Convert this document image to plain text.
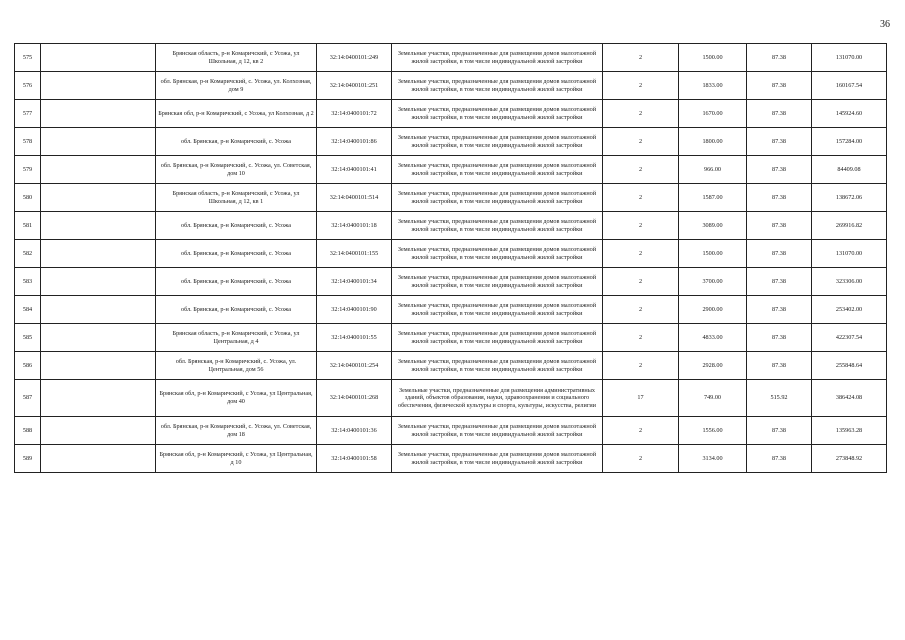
36
575		Брянская область, р-н Комаричский, с Усожа, ул Школьная, д 12, кв 2	32:14:0400101:249	Земельные участки, предназначенные для размещения домов малоэтажной жилой застройки, в том числе индивидуальной жилой застройки	2	1500.00	87.38	131070.00
576		обл. Брянская, р-н Комаричский, с. Усожа, ул. Колхозная, дом 9	32:14:0400101:251	Земельные участки, предназначенные для размещения домов малоэтажной жилой застройки, в том числе индивидуальной жилой застройки	2	1833.00	87.38	160167.54
577		Брянская обл, р-н Комаричский, с Усожа, ул Колхозная, д 2	32:14:0400101:72	Земельные участки, предназначенные для размещения домов малоэтажной жилой застройки, в том числе индивидуальной жилой застройки	2	1670.00	87.38	145924.60
578		обл. Брянская, р-н Комаричский, с. Усожа	32:14:0400101:86	Земельные участки, предназначенные для размещения домов малоэтажной жилой застройки, в том числе индивидуальной жилой застройки	2	1800.00	87.38	157284.00
579		обл. Брянская, р-н Комаричский, с. Усожа, ул. Советская, дом 10	32:14:0400101:41	Земельные участки, предназначенные для размещения домов малоэтажной жилой застройки, в том числе индивидуальной жилой застройки	2	966.00	87.38	84409.08
580		Брянская область, р-н Комаричский, с Усожа, ул Школьная, д 12, кв 1	32:14:0400101:514	Земельные участки, предназначенные для размещения домов малоэтажной жилой застройки, в том числе индивидуальной жилой застройки	2	1587.00	87.38	138672.06
581		обл. Брянская, р-н Комаричский, с. Усожа	32:14:0400101:18	Земельные участки, предназначенные для размещения домов малоэтажной жилой застройки, в том числе индивидуальной жилой застройки	2	3089.00	87.38	269916.82
582		обл. Брянская, р-н Комаричский, с. Усожа	32:14:0400101:155	Земельные участки, предназначенные для размещения домов малоэтажной жилой застройки, в том числе индивидуальной жилой застройки	2	1500.00	87.38	131070.00
583		обл. Брянская, р-н Комаричский, с. Усожа	32:14:0400101:34	Земельные участки, предназначенные для размещения домов малоэтажной жилой застройки, в том числе индивидуальной жилой застройки	2	3700.00	87.38	323306.00
584		обл. Брянская, р-н Комаричский, с. Усожа	32:14:0400101:90	Земельные участки, предназначенные для размещения домов малоэтажной жилой застройки, в том числе индивидуальной жилой застройки	2	2900.00	87.38	253402.00
585		Брянская область, р-н Комаричский, с Усожа, ул Центральная, д 4	32:14:0400101:55	Земельные участки, предназначенные для размещения домов малоэтажной жилой застройки, в том числе индивидуальной жилой застройки	2	4833.00	87.38	422307.54
586		обл. Брянская, р-н Комаричский, с. Усожа, ул. Центральная, дом 56	32:14:0400101:254	Земельные участки, предназначенные для размещения домов малоэтажной жилой застройки, в том числе индивидуальной жилой застройки	2	2928.00	87.38	255848.64
587		Брянская обл, р-н Комаричский, с Усожа, ул Центральная, дом 40	32:14:0400101:268	Земельные участки, предназначенные для размещения административных зданий, объектов образования, науки, здравоохранения и социального обеспечения, физической культуры и спорта, культуры, искусства, религии	17	749.00	515.92	386424.08
588		обл. Брянская, р-н Комаричский, с. Усожа, ул. Советская, дом 18	32:14:0400101:36	Земельные участки, предназначенные для размещения домов малоэтажной жилой застройки, в том числе индивидуальной жилой застройки	2	1556.00	87.38	135963.28
589		Брянская обл, р-н Комаричский, с Усожа, ул Центральная, д 10	32:14:0400101:58	Земельные участки, предназначенные для размещения домов малоэтажной жилой застройки, в том числе индивидуальной жилой застройки	2	3134.00	87.38	273848.92
